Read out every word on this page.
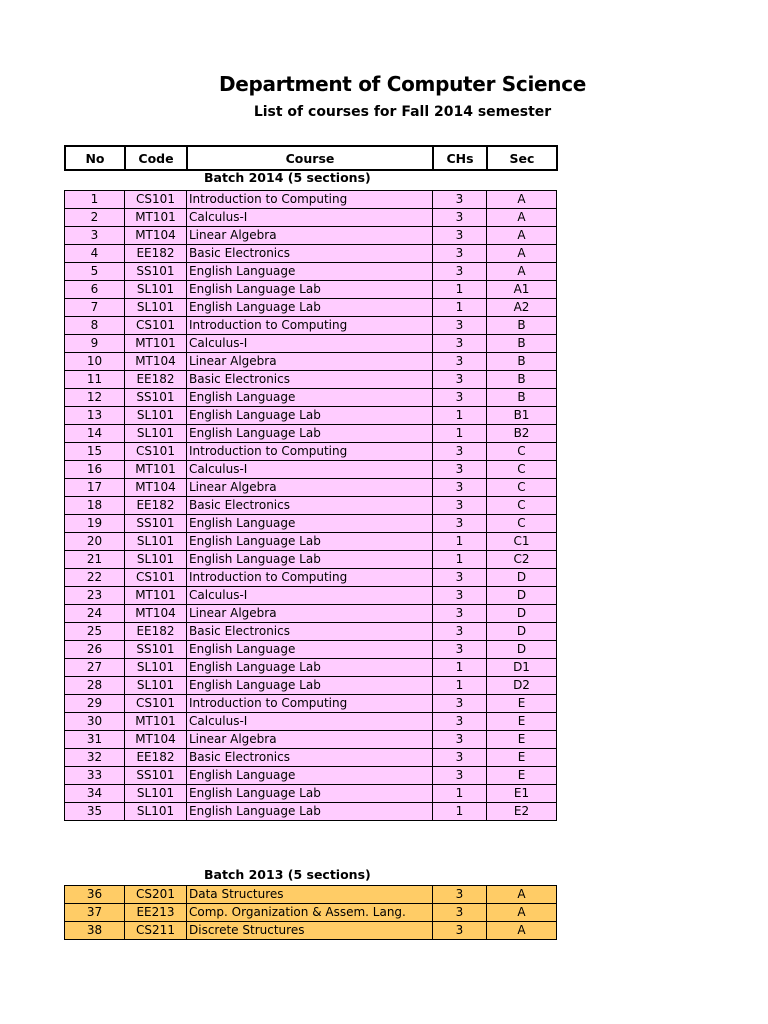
Department of Computer Science
List of courses for Fall 2014 semester
No	Code	Course	CHs	Sec
Batch 2014 (5 sections)
1	CS101	Introduction to Computing	3	A
2	MT101	Calculus-I	3	A
3	MT104	Linear Algebra	3	A
4	EE182	Basic Electronics	3	A
5	SS101	English Language	3	A
6	SL101	English Language Lab	1	A1
7	SL101	English Language Lab	1	A2
8	CS101	Introduction to Computing	3	B
9	MT101	Calculus-I	3	B
10	MT104	Linear Algebra	3	B
11	EE182	Basic Electronics	3	B
12	SS101	English Language	3	B
13	SL101	English Language Lab	1	B1
14	SL101	English Language Lab	1	B2
15	CS101	Introduction to Computing	3	C
16	MT101	Calculus-I	3	C
17	MT104	Linear Algebra	3	C
18	EE182	Basic Electronics	3	C
19	SS101	English Language	3	C
20	SL101	English Language Lab	1	C1
21	SL101	English Language Lab	1	C2
22	CS101	Introduction to Computing	3	D
23	MT101	Calculus-I	3	D
24	MT104	Linear Algebra	3	D
25	EE182	Basic Electronics	3	D
26	SS101	English Language	3	D
27	SL101	English Language Lab	1	D1
28	SL101	English Language Lab	1	D2
29	CS101	Introduction to Computing	3	E
30	MT101	Calculus-I	3	E
31	MT104	Linear Algebra	3	E
32	EE182	Basic Electronics	3	E
33	SS101	English Language	3	E
34	SL101	English Language Lab	1	E1
35	SL101	English Language Lab	1	E2
Batch 2013 (5 sections)
36	CS201	Data Structures	3	A
37	EE213	Comp. Organization & Assem. Lang.	3	A
38	CS211	Discrete Structures	3	A
